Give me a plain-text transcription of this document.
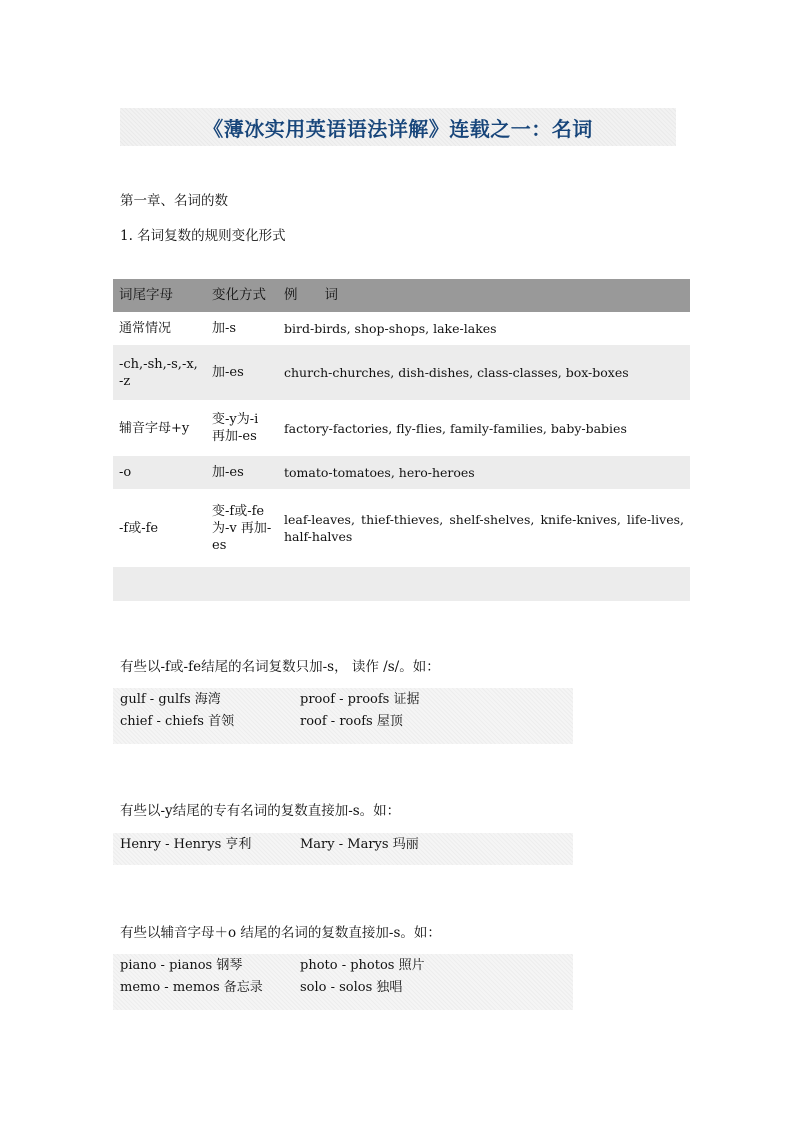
《薄冰实用英语语法详解》连载之一：名词
第一章、名词的数
1. 名词复数的规则变化形式
词尾字母	变化方式	例　　词
通常情况	加-s	bird-birds, shop-shops, lake-lakes
-ch,-sh,-s,-x,-z	加-es	church-churches, dish-dishes, class-classes, box-boxes
辅音字母+y	变-y为-i 再加-es	factory-factories, fly-flies, family-families, baby-babies
-o	加-es	tomato-tomatoes, hero-heroes
-f或-fe	变-f或-fe为-v 再加-es	leaf-leaves, thief-thieves, shelf-shelves, knife-knives, life-lives, half-halves

有些以-f或-fe结尾的名词复数只加-s， 读作 /s/。如：
gulf - gulfs 海湾	proof - proofs 证据
chief - chiefs 首领	roof - roofs 屋顶
有些以-y结尾的专有名词的复数直接加-s。如：
Henry - Henrys 亨利	Mary - Marys 玛丽
有些以辅音字母＋o 结尾的名词的复数直接加-s。如：
piano - pianos 钢琴	photo - photos 照片
memo - memos 备忘录	solo - solos 独唱
